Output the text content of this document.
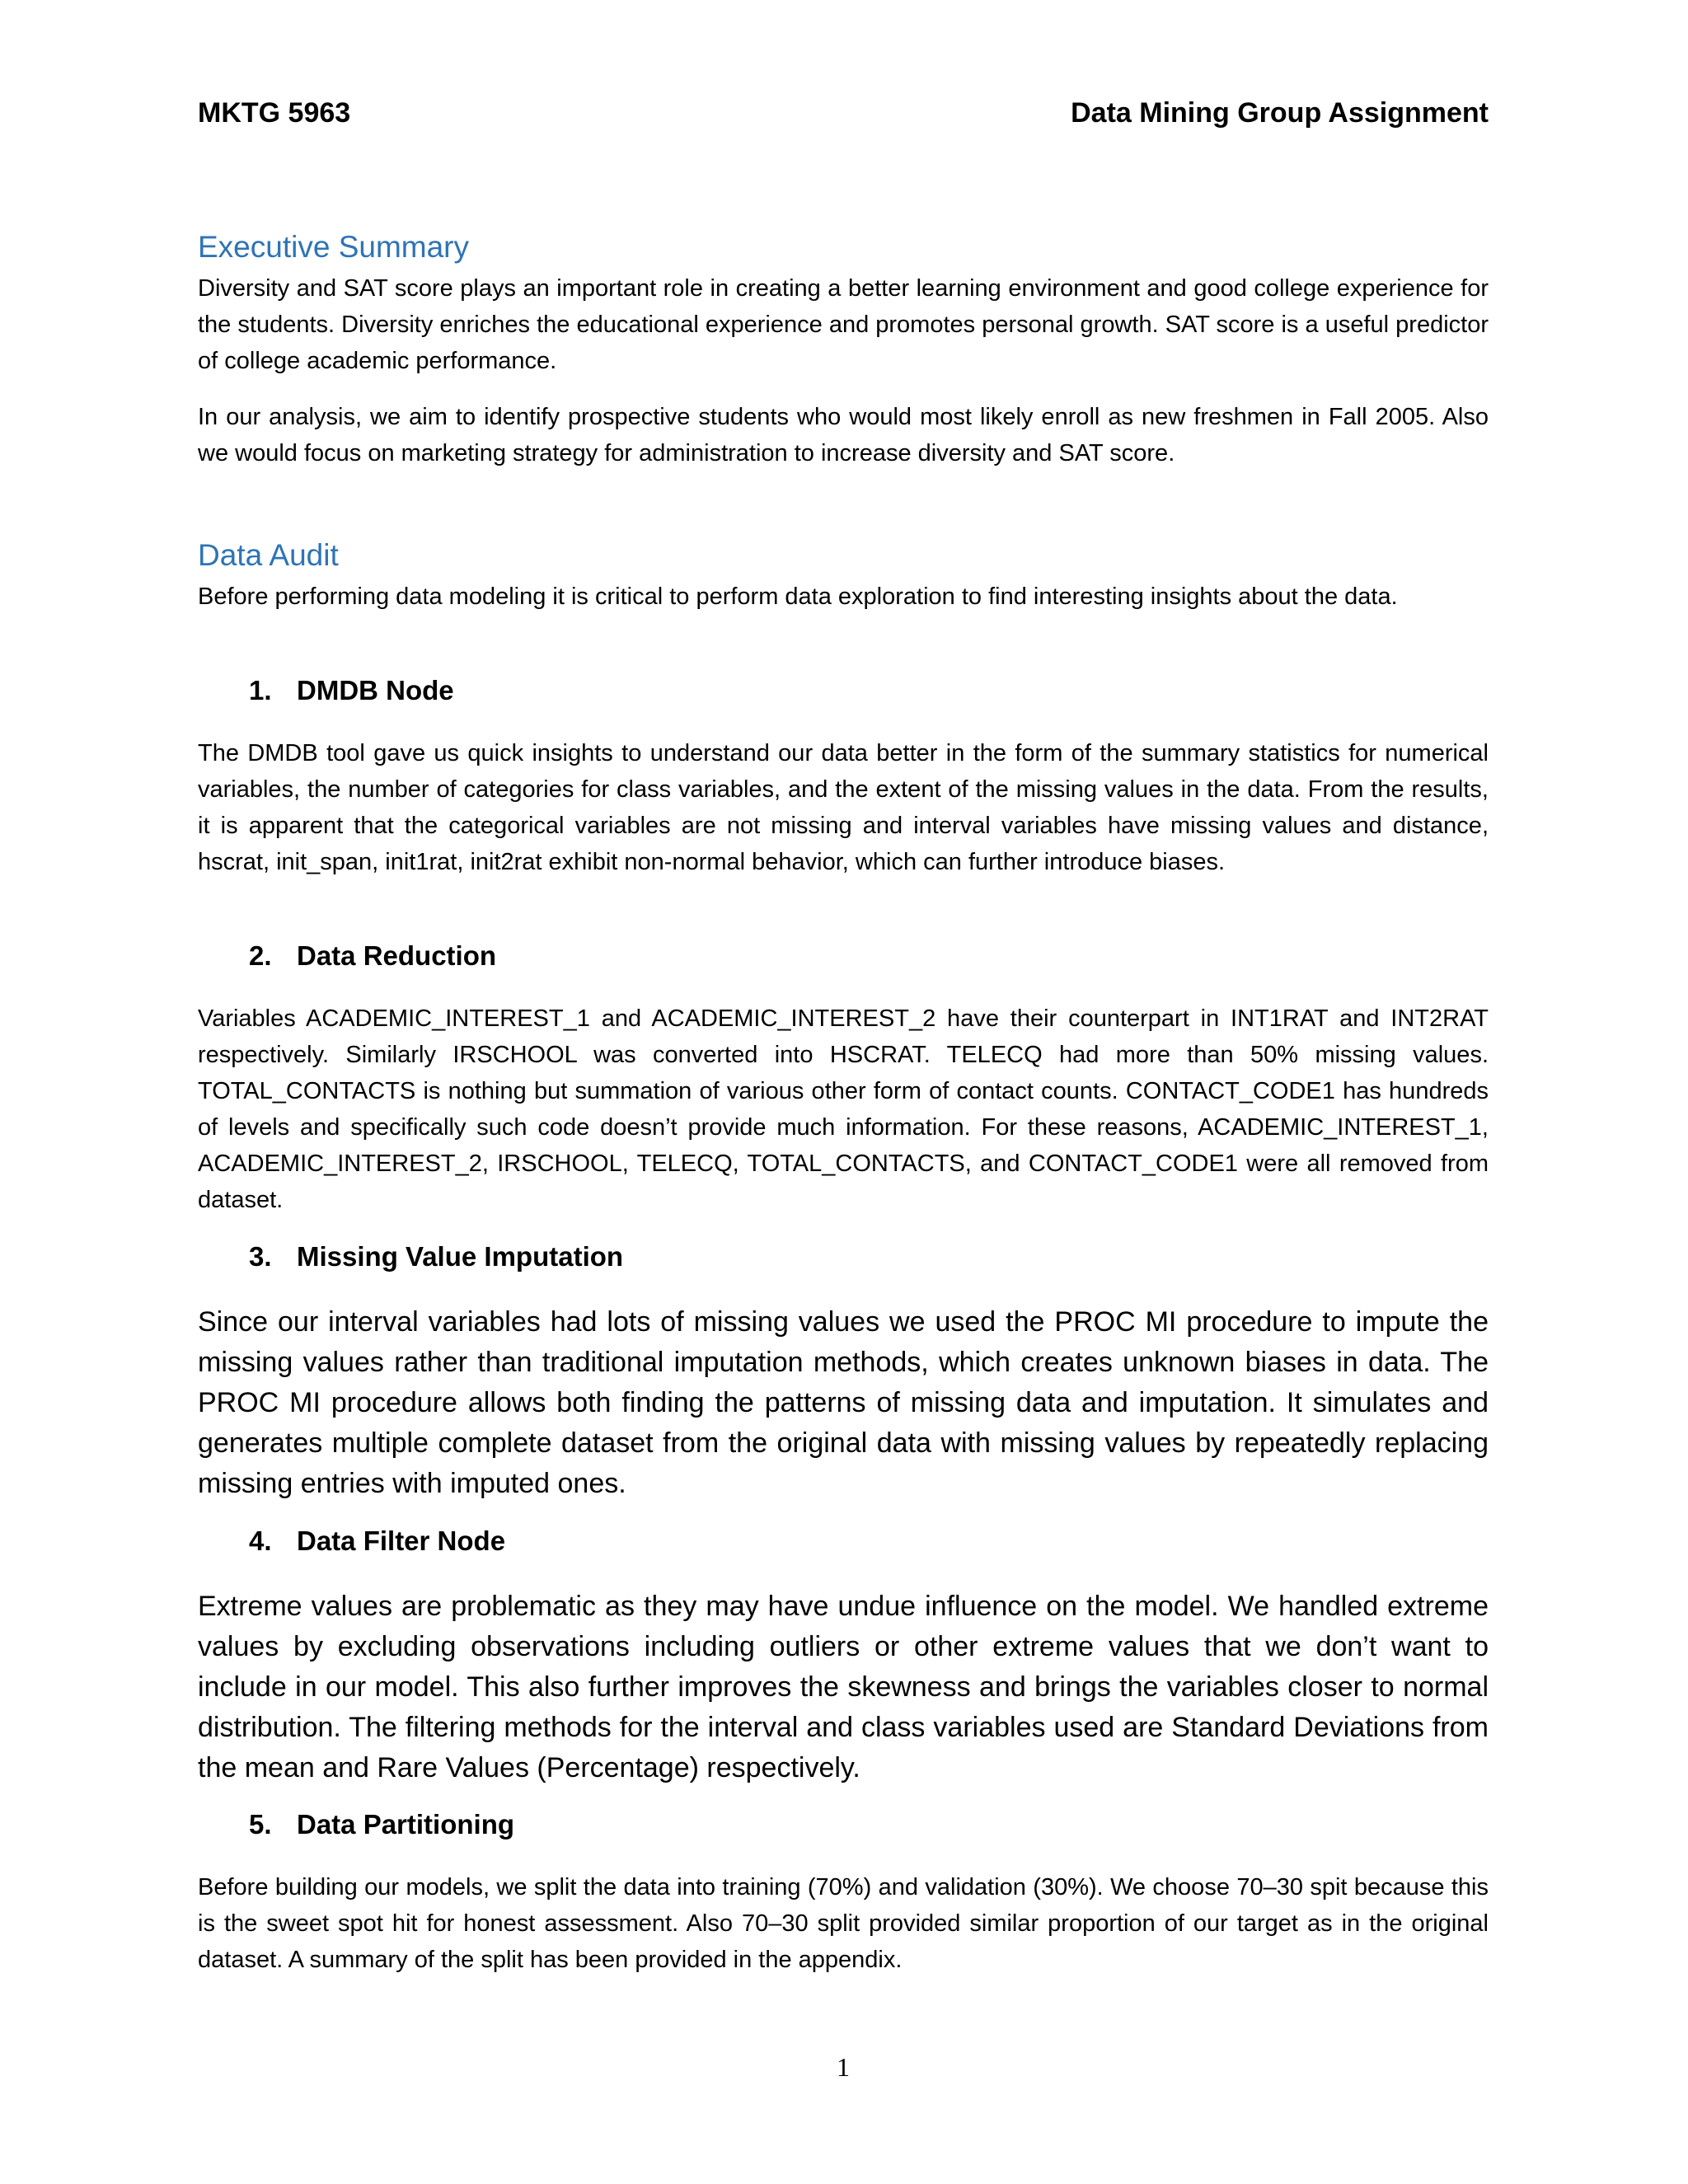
MKTG 5963	Data Mining Group Assignment
Executive Summary

Diversity and SAT score plays an important role in creating a better learning environment and good college experience for the students. Diversity enriches the educational experience and promotes personal growth. SAT score is a useful predictor of college academic performance.

In our analysis, we aim to identify prospective students who would most likely enroll as new freshmen in Fall 2005. Also we would focus on marketing strategy for administration to increase diversity and SAT score.

Data Audit

Before performing data modeling it is critical to perform data exploration to find interesting insights about the data.

1. DMDB Node

The DMDB tool gave us quick insights to understand our data better in the form of the summary statistics for numerical variables, the number of categories for class variables, and the extent of the missing values in the data. From the results, it is apparent that the categorical variables are not missing and interval variables have missing values and distance, hscrat, init_span, init1rat, init2rat exhibit non-normal behavior, which can further introduce biases.

2. Data Reduction

Variables ACADEMIC_INTEREST_1 and ACADEMIC_INTEREST_2 have their counterpart in INT1RAT and INT2RAT respectively. Similarly IRSCHOOL was converted into HSCRAT. TELECQ had more than 50% missing values. TOTAL_CONTACTS is nothing but summation of various other form of contact counts. CONTACT_CODE1 has hundreds of levels and specifically such code doesn’t provide much information. For these reasons, ACADEMIC_INTEREST_1, ACADEMIC_INTEREST_2, IRSCHOOL, TELECQ, TOTAL_CONTACTS, and CONTACT_CODE1 were all removed from dataset.

3. Missing Value Imputation

Since our interval variables had lots of missing values we used the PROC MI procedure to impute the missing values rather than traditional imputation methods, which creates unknown biases in data. The PROC MI procedure allows both finding the patterns of missing data and imputation. It simulates and generates multiple complete dataset from the original data with missing values by repeatedly replacing missing entries with imputed ones.

4. Data Filter Node

Extreme values are problematic as they may have undue influence on the model. We handled extreme values by excluding observations including outliers or other extreme values that we don’t want to include in our model. This also further improves the skewness and brings the variables closer to normal distribution. The filtering methods for the interval and class variables used are Standard Deviations from the mean and Rare Values (Percentage) respectively.

5. Data Partitioning

Before building our models, we split the data into training (70%) and validation (30%). We choose 70–30 spit because this is the sweet spot hit for honest assessment. Also 70–30 split provided similar proportion of our target as in the original dataset. A summary of the split has been provided in the appendix.

1
